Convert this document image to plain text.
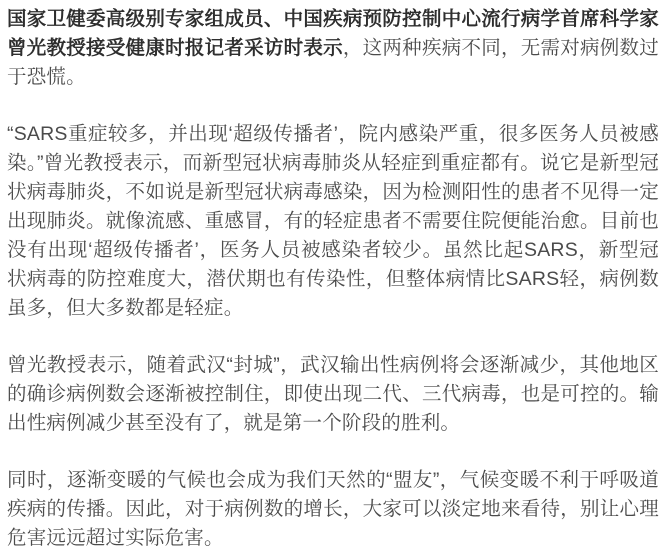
国家卫健委高级别专家组成员、中国疾病预防控制中心流行病学首席科学家曾光教授接受健康时报记者采访时表示，这两种疾病不同，无需对病例数过于恐慌。

“SARS重症较多，并出现‘超级传播者’，院内感染严重，很多医务人员被感染。”曾光教授表示，而新型冠状病毒肺炎从轻症到重症都有。说它是新型冠状病毒肺炎，不如说是新型冠状病毒感染，因为检测阳性的患者不见得一定出现肺炎。就像流感、重感冒，有的轻症患者不需要住院便能治愈。目前也没有出现‘超级传播者’，医务人员被感染者较少。虽然比起SARS，新型冠状病毒的防控难度大，潜伏期也有传染性，但整体病情比SARS轻，病例数虽多，但大多数都是轻症。

曾光教授表示，随着武汉“封城”，武汉输出性病例将会逐渐减少，其他地区的确诊病例数会逐渐被控制住，即使出现二代、三代病毒，也是可控的。输出性病例减少甚至没有了，就是第一个阶段的胜利。

同时，逐渐变暖的气候也会成为我们天然的“盟友”，气候变暖不利于呼吸道疾病的传播。因此，对于病例数的增长，大家可以淡定地来看待，别让心理危害远远超过实际危害。
